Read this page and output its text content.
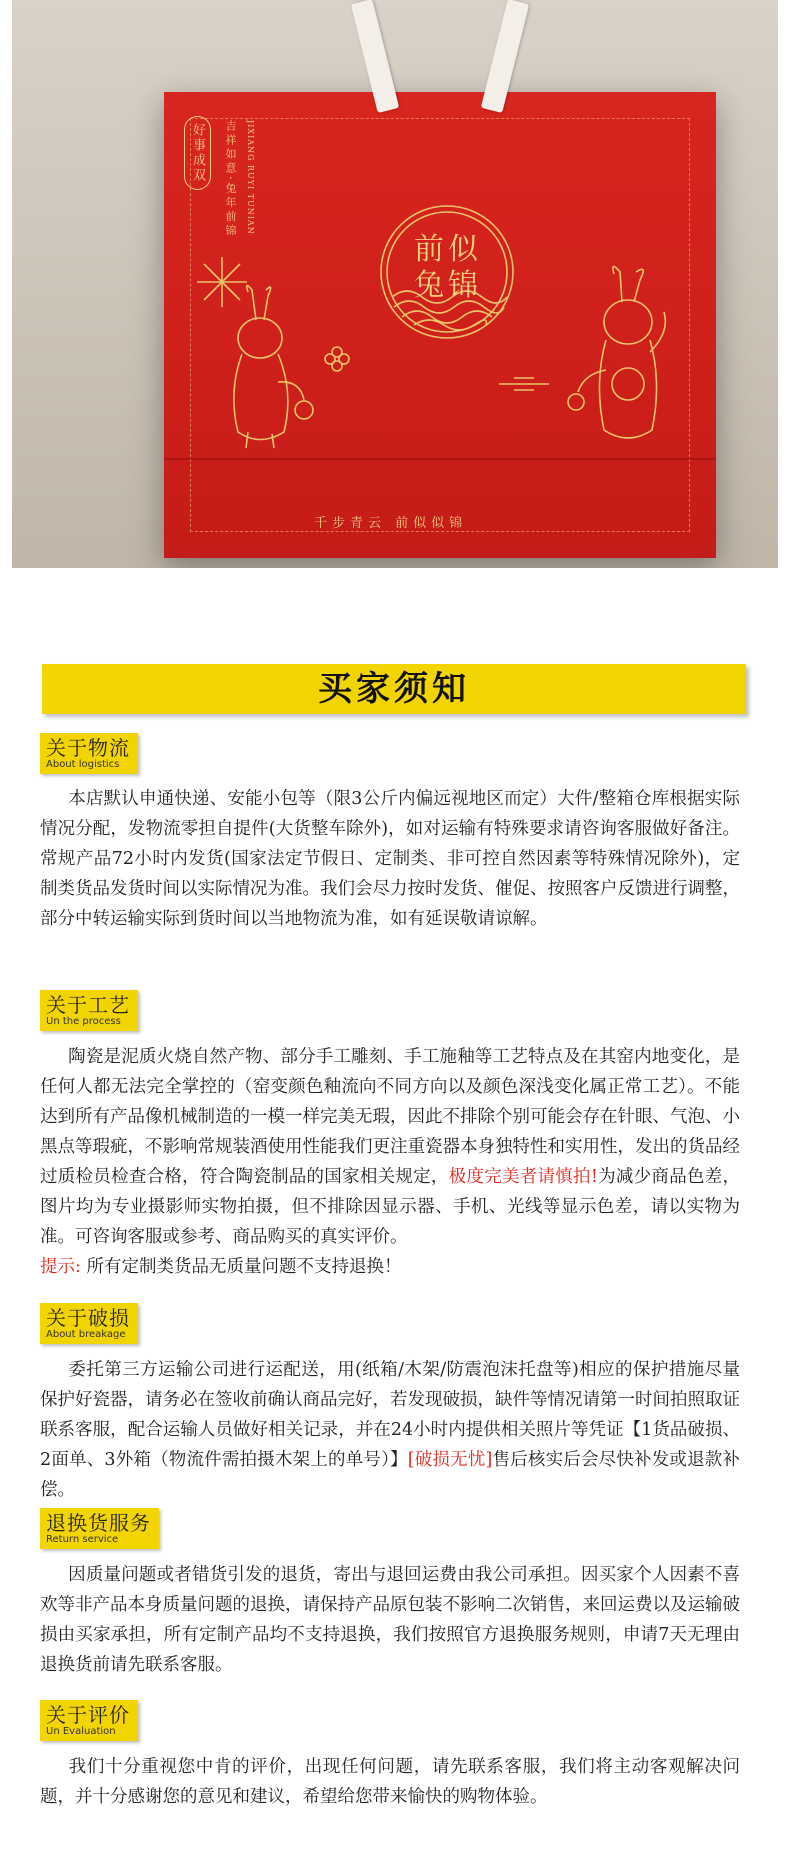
好事成双	吉祥如意·兔年前锦 JIXIANG RUYI TUNIAN
前似兔锦
千步青云 前似似锦
买家须知
关于物流
About logistics

本店默认申通快递、安能小包等（限3公斤内偏远视地区而定）大件/整箱仓库根据实际情况分配，发物流零担自提件(大货整车除外)，如对运输有特殊要求请咨询客服做好备注。常规产品72小时内发货(国家法定节假日、定制类、非可控自然因素等特殊情况除外)，定制类货品发货时间以实际情况为准。我们会尽力按时发货、催促、按照客户反馈进行调整，部分中转运输实际到货时间以当地物流为准，如有延误敬请谅解。

关于工艺
Un the process

陶瓷是泥质火烧自然产物、部分手工雕刻、手工施釉等工艺特点及在其窑内地变化，是任何人都无法完全掌控的（窑变颜色釉流向不同方向以及颜色深浅变化属正常工艺）。不能达到所有产品像机械制造的一模一样完美无瑕，因此不排除个别可能会存在针眼、气泡、小黑点等瑕疵，不影响常规装酒使用性能我们更注重瓷器本身独特性和实用性，发出的货品经过质检员检查合格，符合陶瓷制品的国家相关规定，极度完美者请慎拍!为减少商品色差，图片均为专业摄影师实物拍摄，但不排除因显示器、手机、光线等显示色差，请以实物为准。可咨询客服或参考、商品购买的真实评价。

提示: 所有定制类货品无质量问题不支持退换！

关于破损
About breakage

委托第三方运输公司进行运配送，用(纸箱/木架/防震泡沫托盘等)相应的保护措施尽量保护好瓷器，请务必在签收前确认商品完好，若发现破损，缺件等情况请第一时间拍照取证联系客服，配合运输人员做好相关记录，并在24小时内提供相关照片等凭证【1货品破损、2面单、3外箱（物流件需拍摄木架上的单号）】[破损无忧]售后核实后会尽快补发或退款补偿。

退换货服务
Return service

因质量问题或者错货引发的退货，寄出与退回运费由我公司承担。因买家个人因素不喜欢等非产品本身质量问题的退换，请保持产品原包装不影响二次销售，来回运费以及运输破损由买家承担，所有定制产品均不支持退换，我们按照官方退换服务规则，申请7天无理由退换货前请先联系客服。

关于评价
Un Evaluation

我们十分重视您中肯的评价，出现任何问题，请先联系客服，我们将主动客观解决问题，并十分感谢您的意见和建议，希望给您带来愉快的购物体验。
